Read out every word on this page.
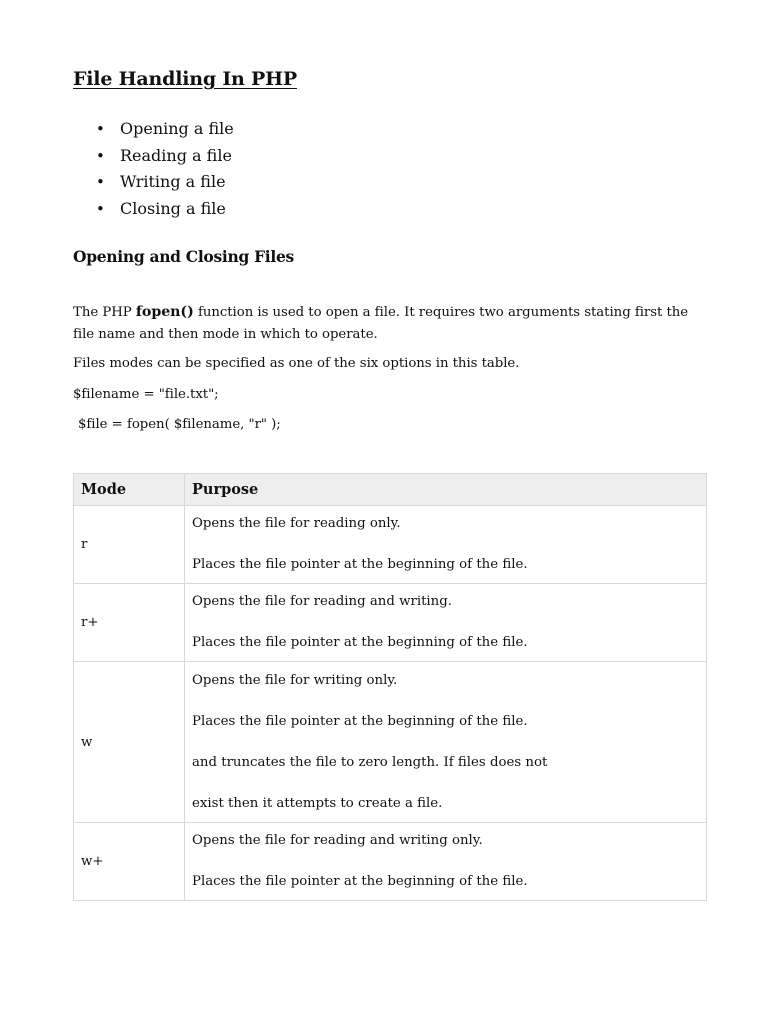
File Handling In PHP
• Opening a file
• Reading a file
• Writing a file
• Closing a file
Opening and Closing Files

The PHP fopen() function is used to open a file. It requires two arguments stating first the file name and then mode in which to operate.

Files modes can be specified as one of the six options in this table.

$filename = "file.txt";

$file = fopen( $filename, "r" );

Mode	Purpose
r	Opens the file for reading only.
Places the file pointer at the beginning of the file.

r+	Opens the file for reading and writing.
Places the file pointer at the beginning of the file.

w	Opens the file for writing only.
Places the file pointer at the beginning of the file.
and truncates the file to zero length. If files does not
exist then it attempts to create a file.

w+	Opens the file for reading and writing only.
Places the file pointer at the beginning of the file.
